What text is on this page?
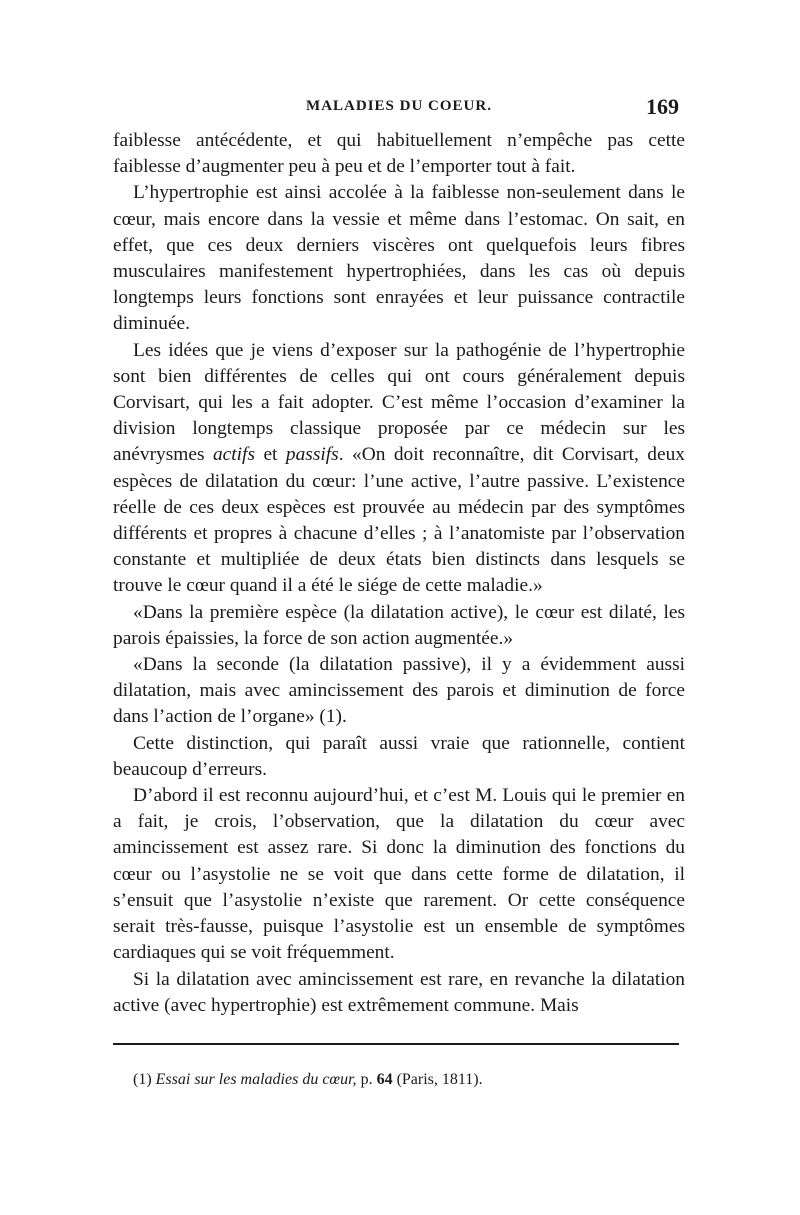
MALADIES DU COEUR.	169

faiblesse antécédente, et qui habituellement n’empêche pas cette faiblesse d’augmenter peu à peu et de l’emporter tout à fait.

L’hypertrophie est ainsi accolée à la faiblesse non-seulement dans le cœur, mais encore dans la vessie et même dans l’estomac. On sait, en effet, que ces deux derniers viscères ont quelquefois leurs fibres musculaires manifestement hypertrophiées, dans les cas où depuis longtemps leurs fonctions sont enrayées et leur puissance contractile diminuée.

Les idées que je viens d’exposer sur la pathogénie de l’hypertrophie sont bien différentes de celles qui ont cours généralement depuis Corvisart, qui les a fait adopter. C’est même l’occasion d’examiner la division longtemps classique proposée par ce médecin sur les anévrysmes actifs et passifs. «On doit reconnaître, dit Corvisart, deux espèces de dilatation du cœur: l’une active, l’autre passive. L’existence réelle de ces deux espèces est prouvée au médecin par des symptômes différents et propres à chacune d’elles ; à l’anatomiste par l’observation constante et multipliée de deux états bien distincts dans lesquels se trouve le cœur quand il a été le siége de cette maladie.»

«Dans la première espèce (la dilatation active), le cœur est dilaté, les parois épaissies, la force de son action augmentée.»

«Dans la seconde (la dilatation passive), il y a évidemment aussi dilatation, mais avec amincissement des parois et diminution de force dans l’action de l’organe» (1).

Cette distinction, qui paraît aussi vraie que rationnelle, contient beaucoup d’erreurs.

D’abord il est reconnu aujourd’hui, et c’est M. Louis qui le premier en a fait, je crois, l’observation, que la dilatation du cœur avec amincissement est assez rare. Si donc la diminution des fonctions du cœur ou l’asystolie ne se voit que dans cette forme de dilatation, il s’ensuit que l’asystolie n’existe que rarement. Or cette conséquence serait très-fausse, puisque l’asystolie est un ensemble de symptômes cardiaques qui se voit fréquemment.

Si la dilatation avec amincissement est rare, en revanche la dilatation active (avec hypertrophie) est extrêmement commune. Mais

(1) Essai sur les maladies du cœur, p. 64 (Paris, 1811).
